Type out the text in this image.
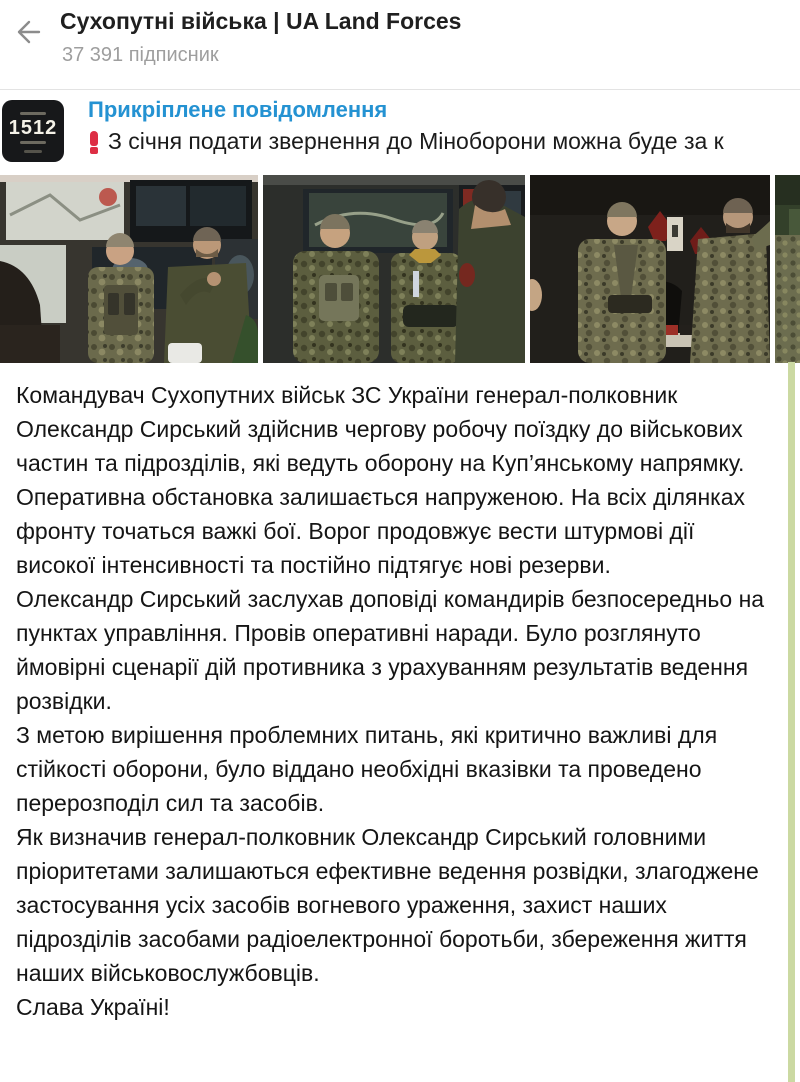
Сухопутні війська | UA Land Forces
37 391 підписник
1512
Прикріплене повідомлення
З січня подати звернення до Міноборони можна буде за к

Командувач Сухопутних військ ЗС України генерал-полковник Олександр Сирський здійснив чергову робочу поїздку до військових частин та підрозділів, які ведуть оборону на Куп’янському напрямку.

Оперативна обстановка залишається напруженою. На всіх ділянках фронту точаться важкі бої. Ворог продовжує вести штурмові дії високої інтенсивності та постійно підтягує нові резерви.

Олександр Сирський заслухав доповіді командирів безпосередньо на пунктах управління. Провів оперативні наради. Було розглянуто ймовірні сценарії дій противника з урахуванням результатів ведення розвідки.

З метою вирішення проблемних питань, які критично важливі для стійкості оборони, було віддано необхідні вказівки та проведено перерозподіл сил та засобів.

Як визначив генерал-полковник Олександр Сирський головними пріоритетами залишаються ефективне ведення розвідки, злагоджене застосування усіх засобів вогневого ураження, захист наших підрозділів засобами радіоелектронної боротьби, збереження життя наших військовослужбовців.

Слава Україні!
